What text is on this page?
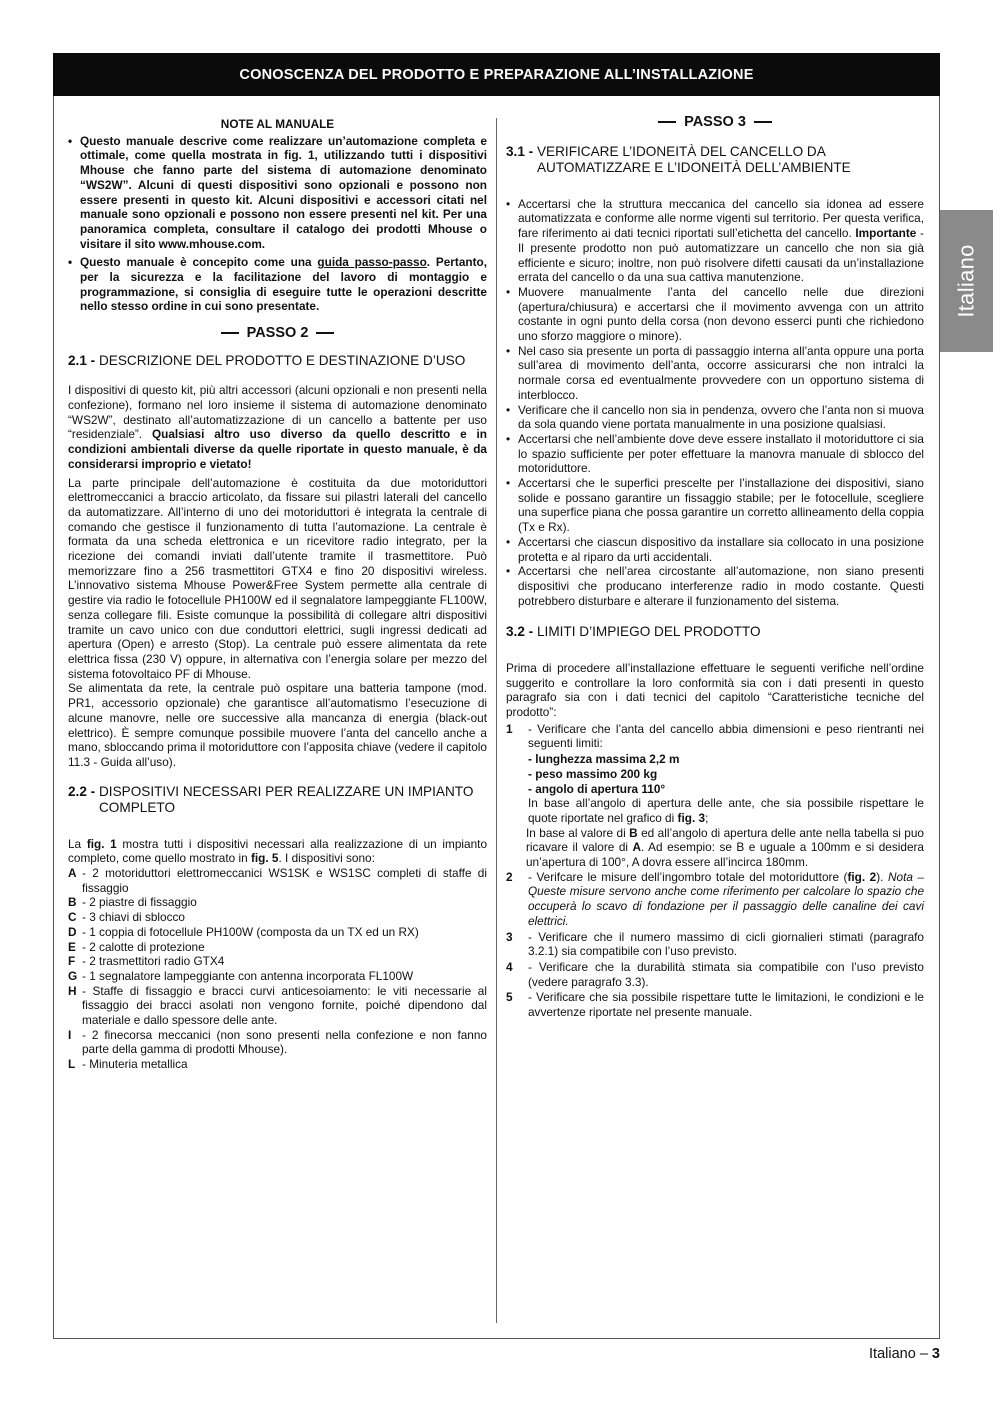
CONOSCENZA DEL PRODOTTO E PREPARAZIONE ALL’INSTALLAZIONE
Italiano
NOTE AL MANUALE
• Questo manuale descrive come realizzare un’automazione completa e ottimale, come quella mostrata in fig. 1, utilizzando tutti i dispositivi Mhouse che fanno parte del sistema di automazione denominato “WS2W”. Alcuni di questi dispositivi sono opzionali e possono non essere presenti in questo kit. Alcuni dispositivi e accessori citati nel manuale sono opzionali e possono non essere presenti nel kit. Per una panoramica completa, consultare il catalogo dei prodotti Mhouse o visitare il sito www.mhouse.com.
• Questo manuale è concepito come una guida passo-passo. Pertanto, per la sicurezza e la facilitazione del lavoro di montaggio e programmazione, si consiglia di eseguire tutte le operazioni descritte nello stesso ordine in cui sono presentate.
PASSO 2
2.1 - DESCRIZIONE DEL PRODOTTO E DESTINAZIONE D’USO

I dispositivi di questo kit, più altri accessori (alcuni opzionali e non presenti nella confezione), formano nel loro insieme il sistema di automazione denominato “WS2W”, destinato all’automatizzazione di un cancello a battente per uso “residenziale”. Qualsiasi altro uso diverso da quello descritto e in condizioni ambientali diverse da quelle riportate in questo manuale, è da considerarsi improprio e vietato!

La parte principale dell’automazione è costituita da due motoriduttori elettromeccanici a braccio articolato, da fissare sui pilastri laterali del cancello da automatizzare. All’interno di uno dei motoriduttori è integrata la centrale di comando che gestisce il funzionamento di tutta l’automazione. La centrale è formata da una scheda elettronica e un ricevitore radio integrato, per la ricezione dei comandi inviati dall’utente tramite il trasmettitore. Può memorizzare fino a 256 trasmettitori GTX4 e fino 20 dispositivi wireless. L’innovativo sistema Mhouse Power&Free System permette alla centrale di gestire via radio le fotocellule PH100W ed il segnalatore lampeggiante FL100W, senza collegare fili. Esiste comunque la possibilità di collegare altri dispositivi tramite un cavo unico con due conduttori elettrici, sugli ingressi dedicati ad apertura (Open) e arresto (Stop). La centrale può essere alimentata da rete elettrica fissa (230 V) oppure, in alternativa con l’energia solare per mezzo del sistema fotovoltaico PF di Mhouse.

Se alimentata da rete, la centrale può ospitare una batteria tampone (mod. PR1, accessorio opzionale) che garantisce all’automatismo l’esecuzione di alcune manovre, nelle ore successive alla mancanza di energia (black-out elettrico). È sempre comunque possibile muovere l’anta del cancello anche a mano, sbloccando prima il motoriduttore con l’apposita chiave (vedere il capitolo 11.3 - Guida all’uso).

2.2 - DISPOSITIVI NECESSARI PER REALIZZARE UN IMPIANTO COMPLETO

La fig. 1 mostra tutti i dispositivi necessari alla realizzazione di un impianto completo, come quello mostrato in fig. 5. I dispositivi sono:

A - 2 motoriduttori elettromeccanici WS1SK e WS1SC completi di staffe di fissaggio
B - 2 piastre di fissaggio
C - 3 chiavi di sblocco
D - 1 coppia di fotocellule PH100W (composta da un TX ed un RX)
E - 2 calotte di protezione
F - 2 trasmettitori radio GTX4
G - 1 segnalatore lampeggiante con antenna incorporata FL100W
H - Staffe di fissaggio e bracci curvi anticesoiamento: le viti necessarie al fissaggio dei bracci asolati non vengono fornite, poiché dipendono dal materiale e dallo spessore delle ante.
I - 2 finecorsa meccanici (non sono presenti nella confezione e non fanno parte della gamma di prodotti Mhouse).
L - Minuteria metallica
PASSO 3
3.1 - VERIFICARE L’IDONEITÀ DEL CANCELLO DA AUTOMATIZZARE E L’IDONEITÀ DELL’AMBIENTE
• Accertarsi che la struttura meccanica del cancello sia idonea ad essere automatizzata e conforme alle norme vigenti sul territorio. Per questa verifica, fare riferimento ai dati tecnici riportati sull’etichetta del cancello. Importante - Il presente prodotto non può automatizzare un cancello che non sia già efficiente e sicuro; inoltre, non può risolvere difetti causati da un’installazione errata del cancello o da una sua cattiva manutenzione.
• Muovere manualmente l’anta del cancello nelle due direzioni (apertura/chiusura) e accertarsi che il movimento avvenga con un attrito costante in ogni punto della corsa (non devono esserci punti che richiedono uno sforzo maggiore o minore).
• Nel caso sia presente un porta di passaggio interna all’anta oppure una porta sull’area di movimento dell’anta, occorre assicurarsi che non intralci la normale corsa ed eventualmente provvedere con un opportuno sistema di interblocco.
• Verificare che il cancello non sia in pendenza, ovvero che l’anta non si muova da sola quando viene portata manualmente in una posizione qualsiasi.
• Accertarsi che nell’ambiente dove deve essere installato il motoriduttore ci sia lo spazio sufficiente per poter effettuare la manovra manuale di sblocco del motoriduttore.
• Accertarsi che le superfici prescelte per l’installazione dei dispositivi, siano solide e possano garantire un fissaggio stabile; per le fotocellule, scegliere una superfice piana che possa garantire un corretto allineamento della coppia (Tx e Rx).
• Accertarsi che ciascun dispositivo da installare sia collocato in una posizione protetta e al riparo da urti accidentali.
• Accertarsi che nell’area circostante all’automazione, non siano presenti dispositivi che producano interferenze radio in modo costante. Questi potrebbero disturbare e alterare il funzionamento del sistema.
3.2 - LIMITI D’IMPIEGO DEL PRODOTTO

Prima di procedere all’installazione effettuare le seguenti verifiche nell’ordine suggerito e controllare la loro conformità sia con i dati presenti in questo paragrafo sia con i dati tecnici del capitolo “Caratteristiche tecniche del prodotto”:

1	- Verificare che l’anta del cancello abbia dimensioni e peso rientranti nei seguenti limiti:
- lunghezza massima 2,2 m
- peso massimo 200 kg
- angolo di apertura 110°
In base all’angolo di apertura delle ante, che sia possibile rispettare le quote riportate nel grafico di fig. 3;
In base al valore di B ed all’angolo di apertura delle ante nella tabella si puo ricavare il valore di A. Ad esempio: se B e uguale a 100mm e si desidera un’apertura di 100°, A dovra essere all’incirca 180mm.
2	- Verifcare le misure dell’ingombro totale del motoriduttore (fig. 2). Nota – Queste misure servono anche come riferimento per calcolare lo spazio che occuperà lo scavo di fondazione per il passaggio delle canaline dei cavi elettrici.
3	- Verificare che il numero massimo di cicli giornalieri stimati (paragrafo 3.2.1) sia compatibile con l’uso previsto.
4	- Verificare che la durabilità stimata sia compatibile con l’uso previsto (vedere paragrafo 3.3).
5	- Verificare che sia possibile rispettare tutte le limitazioni, le condizioni e le avvertenze riportate nel presente manuale.
Italiano – 3
